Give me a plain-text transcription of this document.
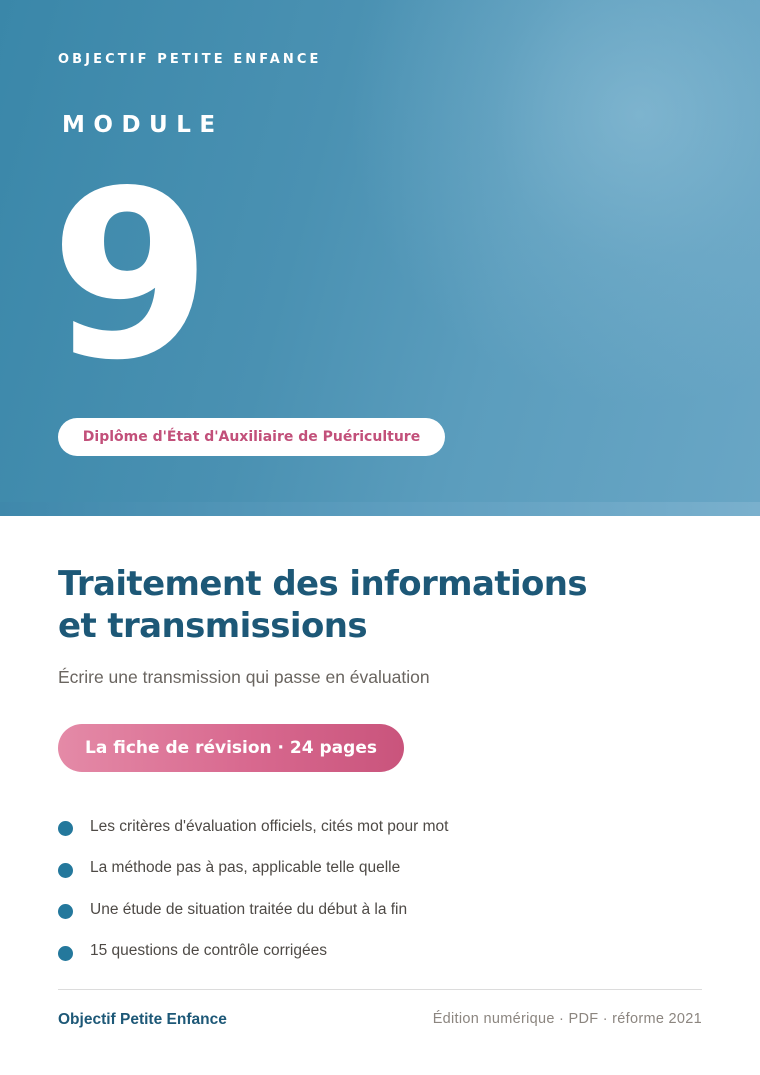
OBJECTIF PETITE ENFANCE
MODULE
9
Diplôme d'État d'Auxiliaire de Puériculture
Traitement des informations
et transmissions

Écrire une transmission qui passe en évaluation

La fiche de révision · 24 pages
Les critères d'évaluation officiels, cités mot pour mot
La méthode pas à pas, applicable telle quelle
Une étude de situation traitée du début à la fin
15 questions de contrôle corrigées
Objectif Petite Enfance	Édition numérique · PDF · réforme 2021
